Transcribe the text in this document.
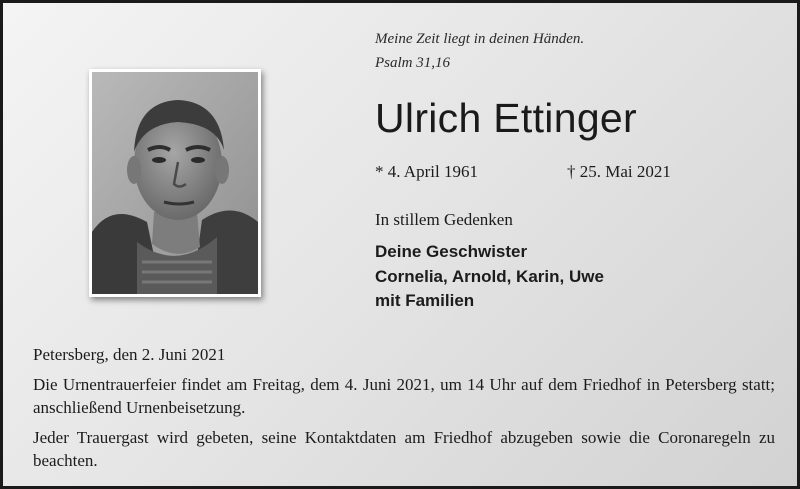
Meine Zeit liegt in deinen Händen.
Psalm 31,16
Ulrich Ettinger
* 4. April 1961	† 25. Mai 2021
In stillem Gedenken
Deine Geschwister
Cornelia, Arnold, Karin, Uwe
mit Familien
Petersberg, den 2. Juni 2021
Die Urnentrauerfeier findet am Freitag, dem 4. Juni 2021, um 14 Uhr auf dem Friedhof in Petersberg statt; anschließend Urnenbeisetzung.
Jeder Trauergast wird gebeten, seine Kontaktdaten am Friedhof abzugeben sowie die Coronaregeln zu beachten.
